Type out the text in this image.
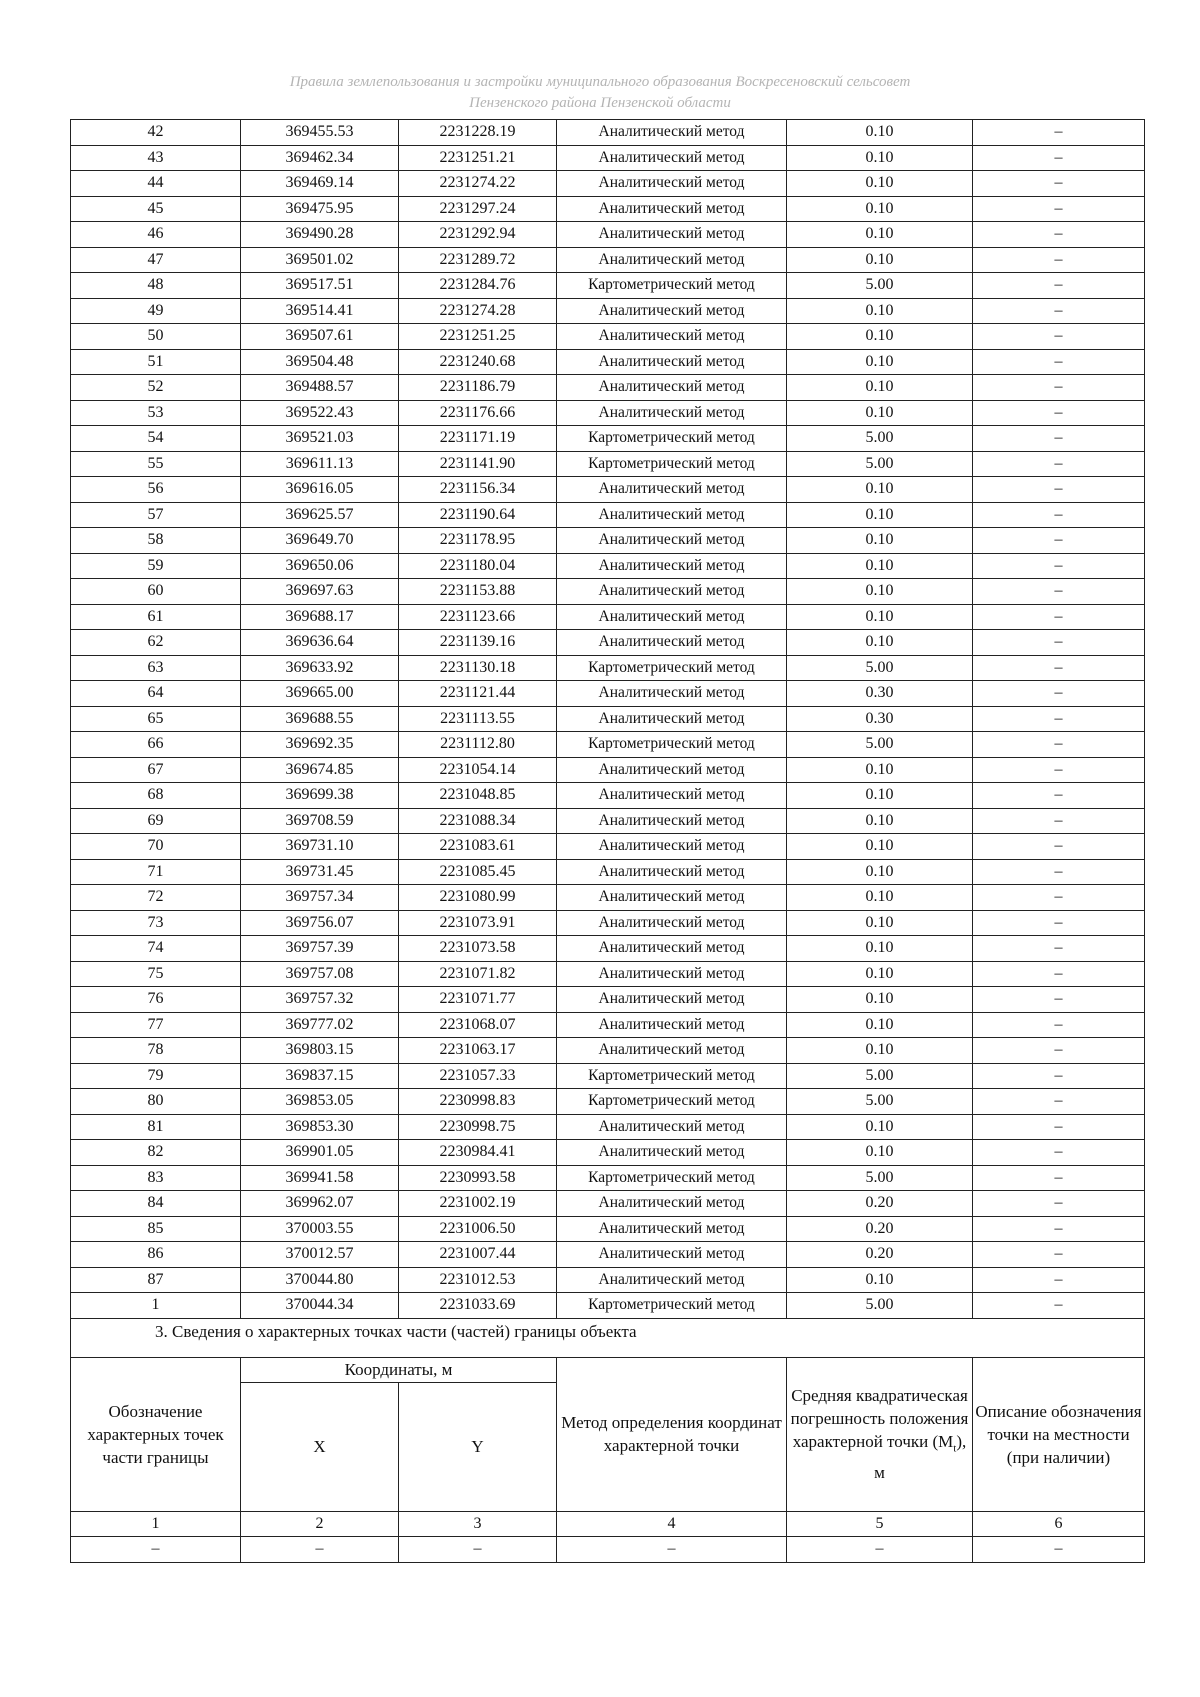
Правила землепользования и застройки муниципального образования Воскресеновский сельсовет
Пензенского района Пензенской области
42	369455.53	2231228.19	Аналитический метод	0.10	–
43	369462.34	2231251.21	Аналитический метод	0.10	–
44	369469.14	2231274.22	Аналитический метод	0.10	–
45	369475.95	2231297.24	Аналитический метод	0.10	–
46	369490.28	2231292.94	Аналитический метод	0.10	–
47	369501.02	2231289.72	Аналитический метод	0.10	–
48	369517.51	2231284.76	Картометрический метод	5.00	–
49	369514.41	2231274.28	Аналитический метод	0.10	–
50	369507.61	2231251.25	Аналитический метод	0.10	–
51	369504.48	2231240.68	Аналитический метод	0.10	–
52	369488.57	2231186.79	Аналитический метод	0.10	–
53	369522.43	2231176.66	Аналитический метод	0.10	–
54	369521.03	2231171.19	Картометрический метод	5.00	–
55	369611.13	2231141.90	Картометрический метод	5.00	–
56	369616.05	2231156.34	Аналитический метод	0.10	–
57	369625.57	2231190.64	Аналитический метод	0.10	–
58	369649.70	2231178.95	Аналитический метод	0.10	–
59	369650.06	2231180.04	Аналитический метод	0.10	–
60	369697.63	2231153.88	Аналитический метод	0.10	–
61	369688.17	2231123.66	Аналитический метод	0.10	–
62	369636.64	2231139.16	Аналитический метод	0.10	–
63	369633.92	2231130.18	Картометрический метод	5.00	–
64	369665.00	2231121.44	Аналитический метод	0.30	–
65	369688.55	2231113.55	Аналитический метод	0.30	–
66	369692.35	2231112.80	Картометрический метод	5.00	–
67	369674.85	2231054.14	Аналитический метод	0.10	–
68	369699.38	2231048.85	Аналитический метод	0.10	–
69	369708.59	2231088.34	Аналитический метод	0.10	–
70	369731.10	2231083.61	Аналитический метод	0.10	–
71	369731.45	2231085.45	Аналитический метод	0.10	–
72	369757.34	2231080.99	Аналитический метод	0.10	–
73	369756.07	2231073.91	Аналитический метод	0.10	–
74	369757.39	2231073.58	Аналитический метод	0.10	–
75	369757.08	2231071.82	Аналитический метод	0.10	–
76	369757.32	2231071.77	Аналитический метод	0.10	–
77	369777.02	2231068.07	Аналитический метод	0.10	–
78	369803.15	2231063.17	Аналитический метод	0.10	–
79	369837.15	2231057.33	Картометрический метод	5.00	–
80	369853.05	2230998.83	Картометрический метод	5.00	–
81	369853.30	2230998.75	Аналитический метод	0.10	–
82	369901.05	2230984.41	Аналитический метод	0.10	–
83	369941.58	2230993.58	Картометрический метод	5.00	–
84	369962.07	2231002.19	Аналитический метод	0.20	–
85	370003.55	2231006.50	Аналитический метод	0.20	–
86	370012.57	2231007.44	Аналитический метод	0.20	–
87	370044.80	2231012.53	Аналитический метод	0.10	–
1	370044.34	2231033.69	Картометрический метод	5.00	–
3. Сведения о характерных точках части (частей) границы объекта					
Обозначение характерных точек части границы	Координаты, м		Метод определения координат характерной точки	Средняя квадратическая погрешность положения характерной точки $(M_t)$, м	Описание обозначения точки на местности (при наличии)
	X	Y			
1	2	3	4	5	6
–	–	–	–	–	–
